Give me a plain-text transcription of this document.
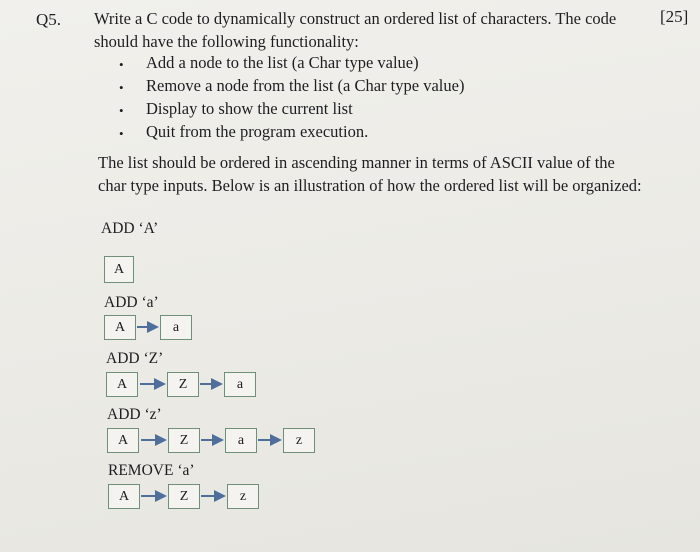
Q5.	[25]
Write a C code to dynamically construct an ordered list of characters. The code
should have the following functionality:
• Add a node to the list (a Char type value)
• Remove a node from the list (a Char type value)
• Display to show the current list
• Quit from the program execution.
The list should be ordered in ascending manner in terms of ASCII value of the
char type inputs. Below is an illustration of how the ordered list will be organized:
ADD ‘A’
ADD ‘a’
ADD ‘Z’
ADD ‘z’
REMOVE ‘a’
A
A	a
A	Z	a
A	Z	a	z
A	Z	z
